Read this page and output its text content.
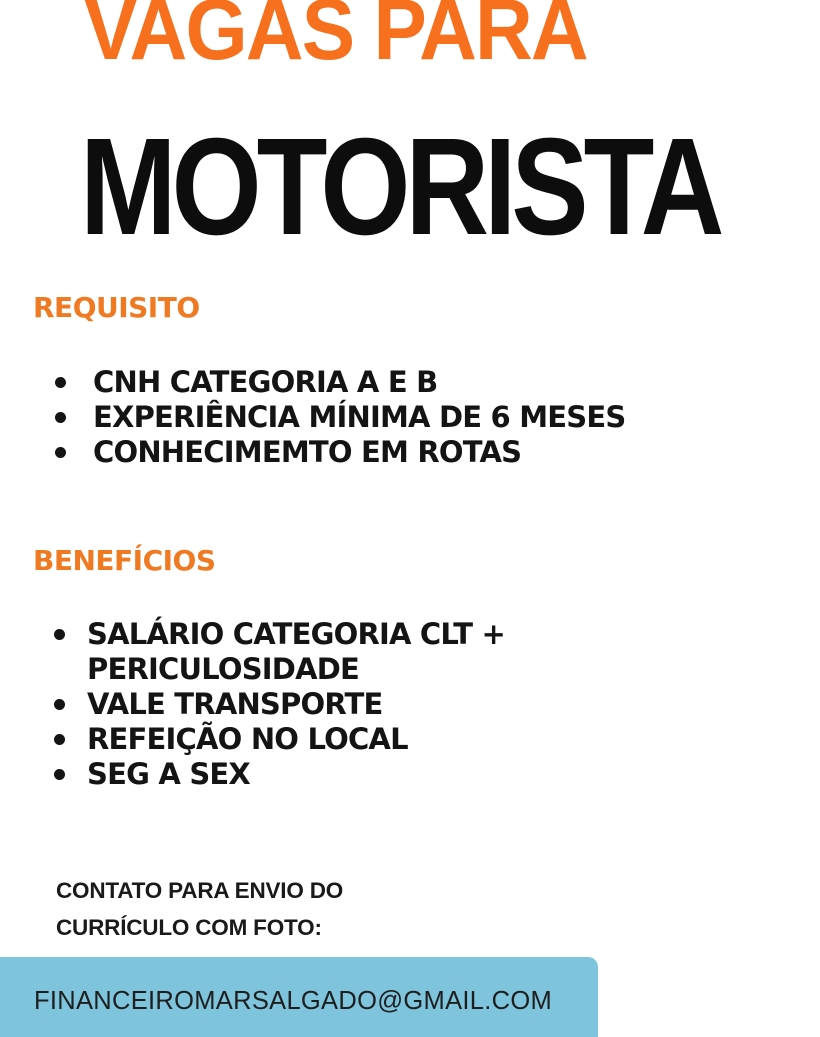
VAGAS PARA
MOTORISTA
REQUISITO
CNH CATEGORIA A E B
EXPERIÊNCIA MÍNIMA DE 6 MESES
CONHECIMEMTO EM ROTAS
BENEFÍCIOS
SALÁRIO CATEGORIA CLT +
PERICULOSIDADE
VALE TRANSPORTE
REFEIÇÃO NO LOCAL
SEG A SEX

CONTATO PARA ENVIO DO
CURRÍCULO COM FOTO:

FINANCEIROMARSALGADO@GMAIL.COM
